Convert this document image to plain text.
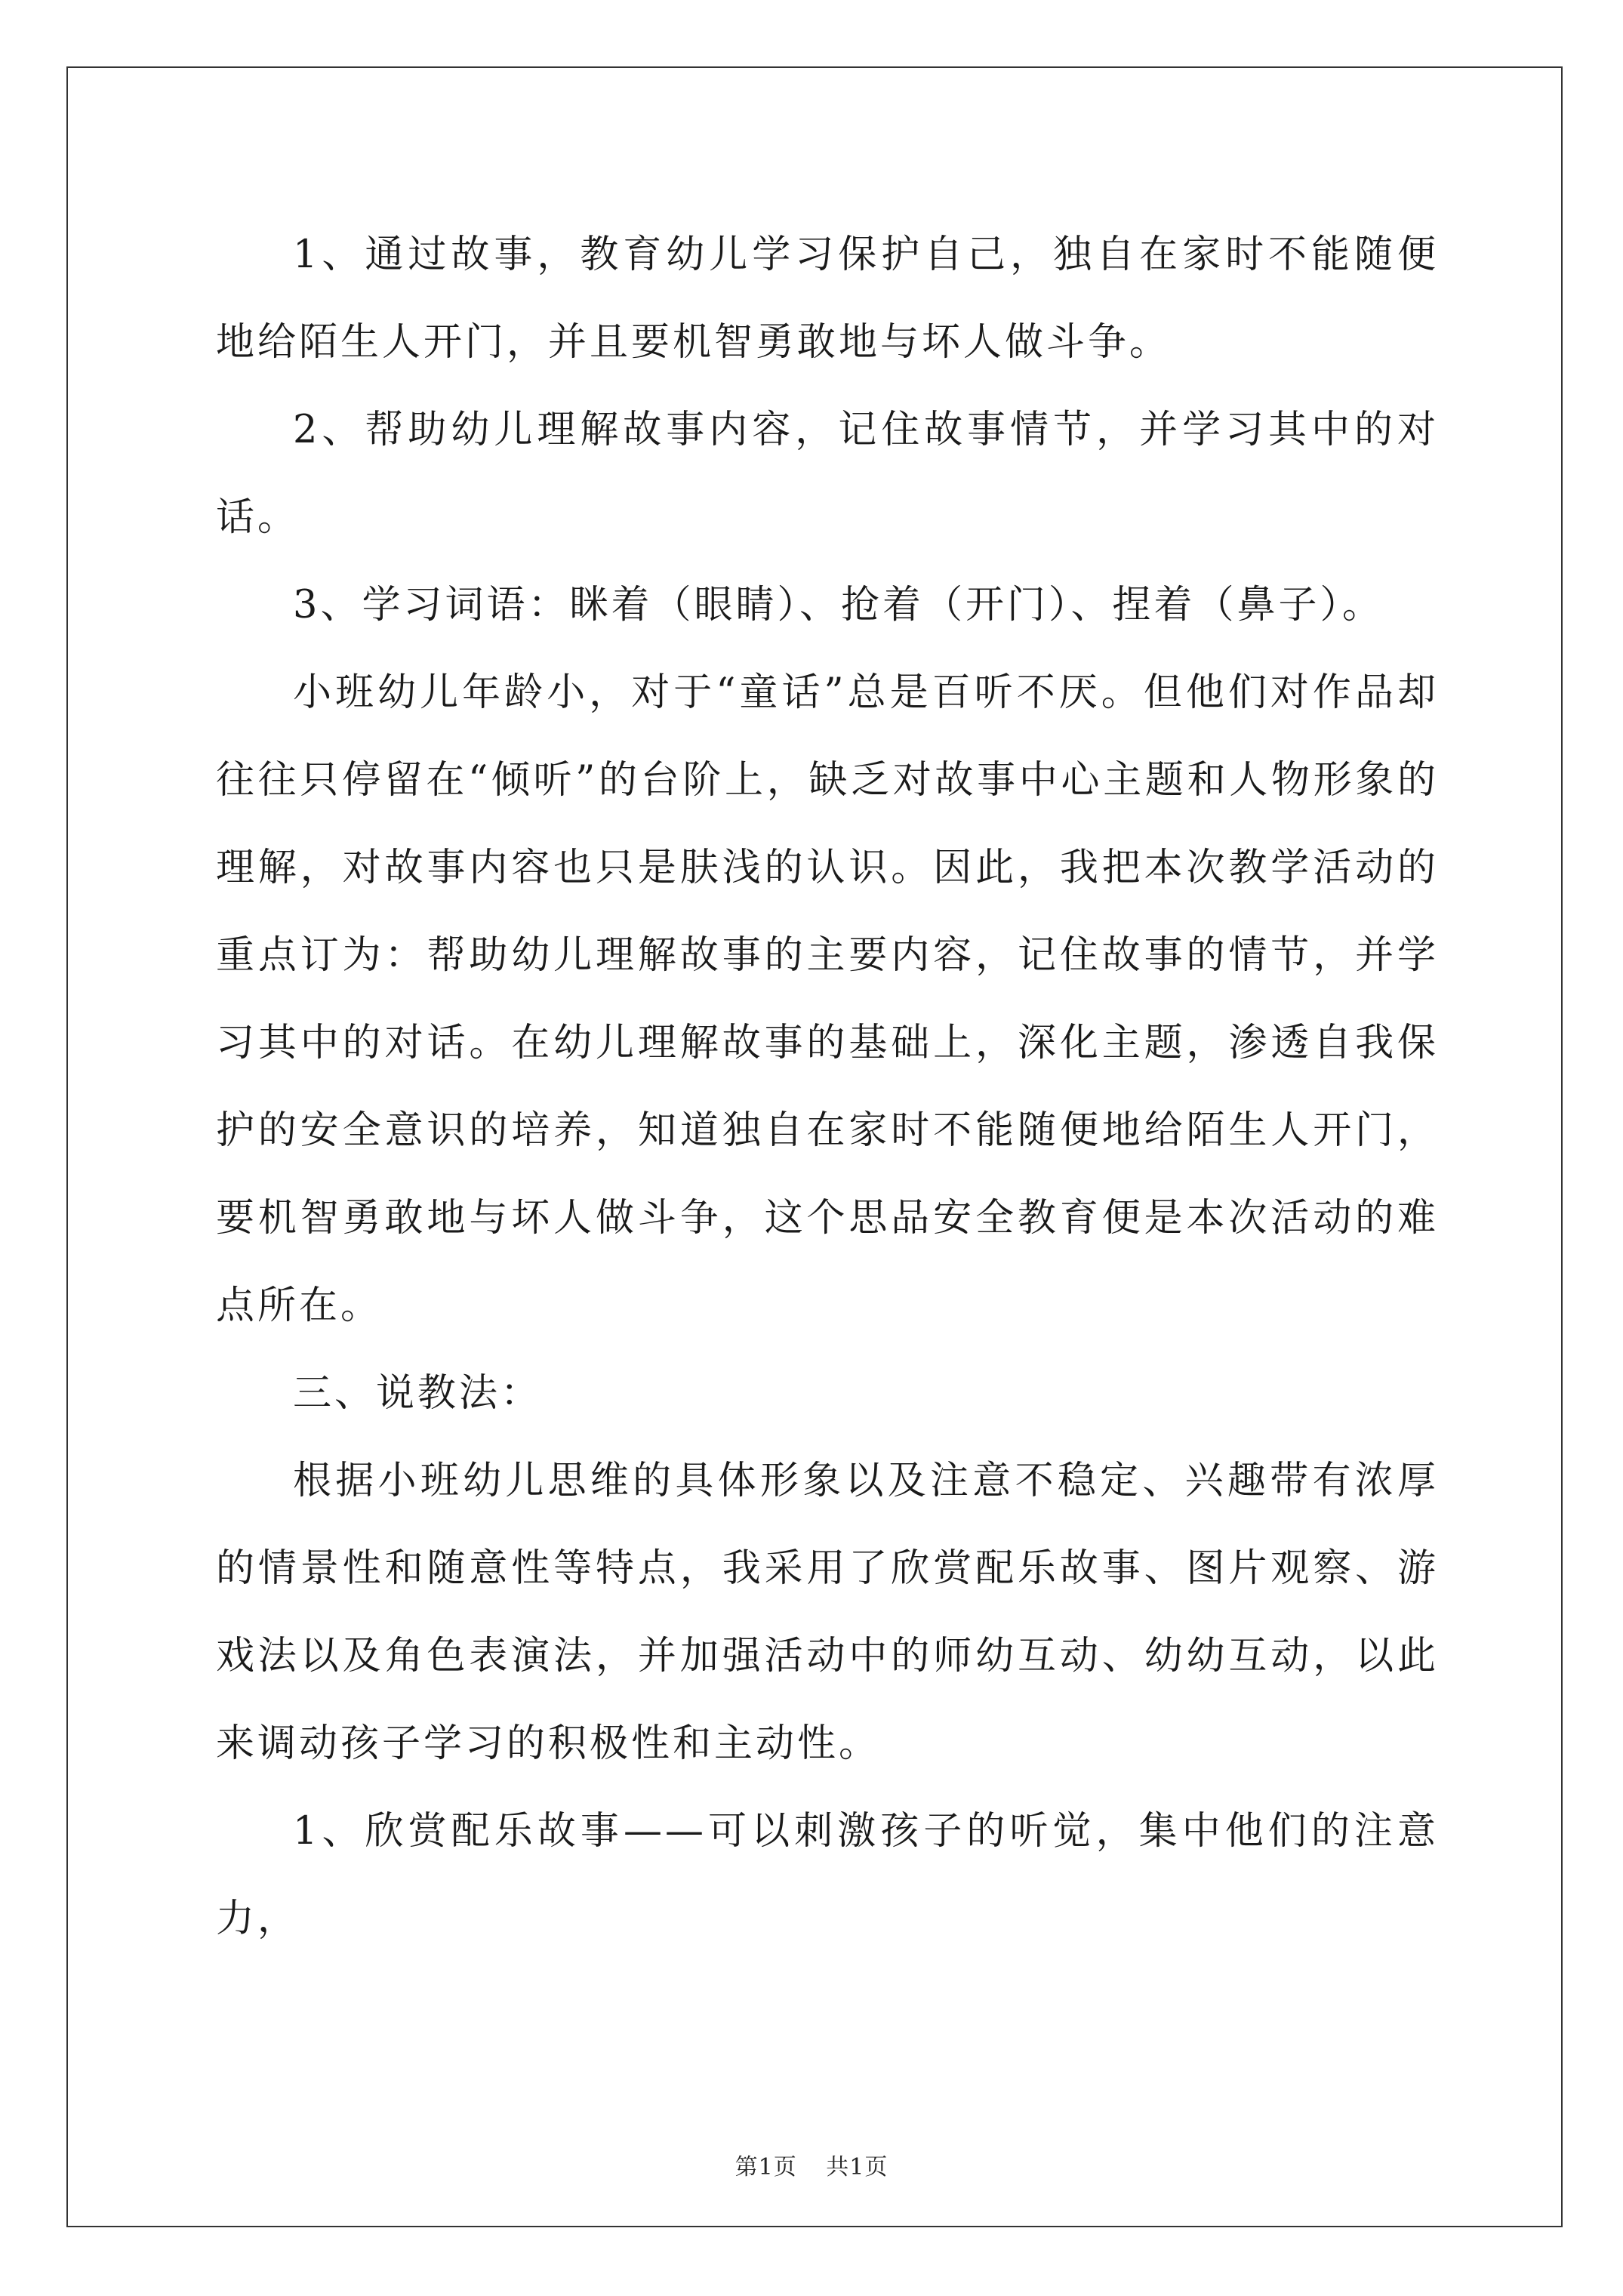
1、通过故事，教育幼儿学习保护自己，独自在家时不能随便地给陌生人开门，并且要机智勇敢地与坏人做斗争。

2、帮助幼儿理解故事内容，记住故事情节，并学习其中的对话。

3、学习词语：眯着（眼睛）、抢着（开门）、捏着（鼻子）。

小班幼儿年龄小，对于“童话”总是百听不厌。但他们对作品却往往只停留在“倾听”的台阶上，缺乏对故事中心主题和人物形象的理解，对故事内容也只是肤浅的认识。因此，我把本次教学活动的重点订为：帮助幼儿理解故事的主要内容，记住故事的情节，并学习其中的对话。在幼儿理解故事的基础上，深化主题，渗透自我保护的安全意识的培养，知道独自在家时不能随便地给陌生人开门，要机智勇敢地与坏人做斗争，这个思品安全教育便是本次活动的难点所在。

三、说教法：

根据小班幼儿思维的具体形象以及注意不稳定、兴趣带有浓厚的情景性和随意性等特点，我采用了欣赏配乐故事、图片观察、游戏法以及角色表演法，并加强活动中的师幼互动、幼幼互动，以此来调动孩子学习的积极性和主动性。

1、欣赏配乐故事——可以刺激孩子的听觉，集中他们的注意力，

第1页 共1页
